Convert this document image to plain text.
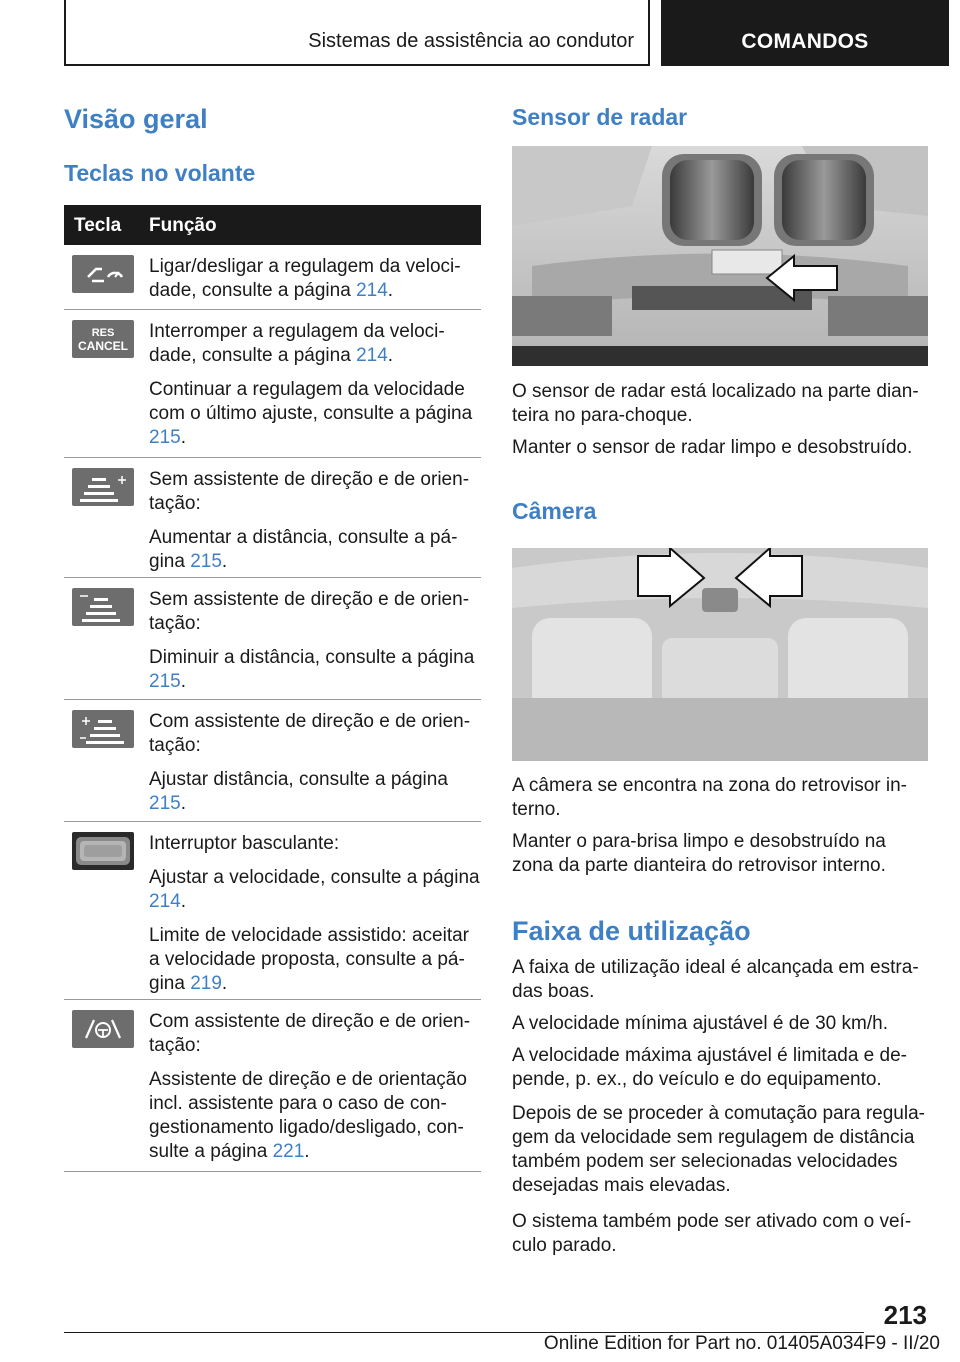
Sistemas de assistência ao condutor	COMANDOS
Visão geral
Teclas no volante
Tecla Função

Ligar/desligar a regulagem da velocidade, consulte a página 214.

RES
CANCEL

Interromper a regulagem da velocidade, consulte a página 214.

Continuar a regulagem da velocidade com o último ajuste, consulte a página 215.

Sem assistente de direção e de orientação:

Aumentar a distância, consulte a página 215.

Sem assistente de direção e de orientação:

Diminuir a distância, consulte a página 215.

Com assistente de direção e de orientação:

Ajustar distância, consulte a página 215.

Interruptor basculante:

Ajustar a velocidade, consulte a página 214.

Limite de velocidade assistido: aceitar a velocidade proposta, consulte a página 219.

Com assistente de direção e de orientação:

Assistente de direção e de orientação incl. assistente para o caso de congestionamento ligado/desligado, consulte a página 221.

Sensor de radar
O sensor de radar está localizado na parte dianteira no para-choque.
Manter o sensor de radar limpo e desobstruído.
Câmera
A câmera se encontra na zona do retrovisor interno.
Manter o para-brisa limpo e desobstruído na zona da parte dianteira do retrovisor interno.
Faixa de utilização
A faixa de utilização ideal é alcançada em estradas boas.
A velocidade mínima ajustável é de 30 km/h.
A velocidade máxima ajustável é limitada e depende, p. ex., do veículo e do equipamento.
Depois de se proceder à comutação para regulagem da velocidade sem regulagem de distância também podem ser selecionadas velocidades desejadas mais elevadas.
O sistema também pode ser ativado com o veículo parado.
213
Online Edition for Part no. 01405A034F9 - II/20
